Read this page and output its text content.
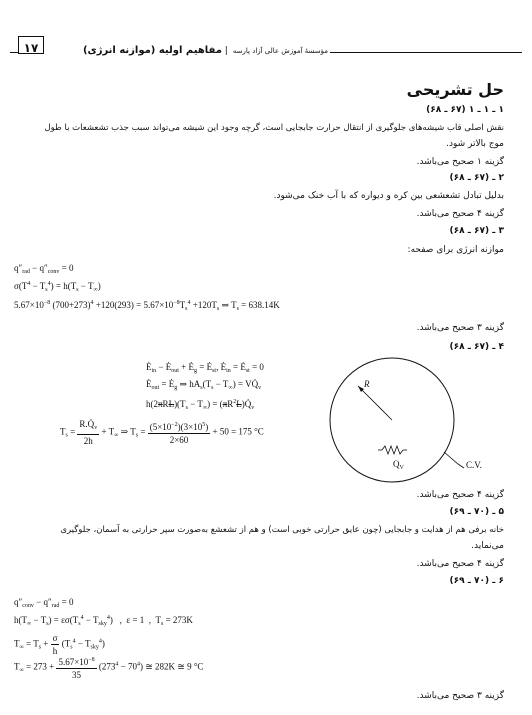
۱۷	مؤسسهٔ آموزش عالی آزاد پارسه | مفاهیم اولیه (موازنه انرژی)
حل تشریحی
۱ ـ ۱ ـ ۱ (۶۷ ـ ۶۸)
نقش اصلی قاب شیشه‌های جلوگیری از انتقال حرارت جابجایی است، گرچه وجود این شیشه می‌تواند سبب جذب تشعشعات با طول
موج بالاتر شود.
گزینه ۱ صحیح می‌باشد.
۲ ـ (۶۷ ـ ۶۸)
بدلیل تبادل تشعشعی بین کره و دیواره که با آب خنک می‌شود.
گزینه ۴ صحیح می‌باشد.
۳ ـ (۶۷ ـ ۶۸)
موازنه انرژی برای صفحه:
$q''_{rad} - q''_{conv} = 0$
$\sigma(T^4 - T_s^4) = h(T_s - T_\infty)$
$5.67\times 10^{-8}$ $(700+273)^4 +120(293) = 5.67\times 10^{-8}T_s^4 +120T_s$ ⇒ $T_s = 638.14K$
گزینه ۳ صحیح می‌باشد.
۴ ـ (۶۷ ـ ۶۸)
$Ė_{in}$ − $Ė_{out}$ + $Ė_g$ = $Ė_{st}$, $Ė_{in}$ = $Ė_{st} = 0$
$Ė_{out}$ = $Ė_g$ ⇒ $hA_s(T_s - T_\infty)$ = $VQ̇_v$
$h(2\pi RL)(T_s - T_\infty)$ = $(\pi R^2L)Q̇_v$
$T_s = \frac{R.Q̇_v}{2h} + T_\infty$ ⇒ $T_s = \frac{(5\times 10^{-2})(3\times 10^5)}{2\times 60} + 50 = 175$ °C
R
$Q_V$	C.V.
گزینه ۴ صحیح می‌باشد.
۵ ـ (۷۰ ـ ۶۹)
خانه برفی هم از هدایت و جابجایی (چون عایق حرارتی خوبی است) و هم از تشعشع به‌صورت سپر حرارتی به آسمان، جلوگیری
می‌نماید.
گزینه ۴ صحیح می‌باشد.
۶ ـ (۷۰ ـ ۶۹)
$q''_{conv} - q''_{rad} = 0$
$h(T_\infty - T_s) = \varepsilon\sigma(T_s^4 - T_{sky}^4)$   ,  ε = 1  ,  $T_s = 273K$
$T_\infty = T_s + \frac{\sigma}{h} (T_s^4 - T_{sky}^4)$
$T_\infty = 273 + \frac{5.67\times 10^{-8}}{35} (273^4 - 70^4)$ ≅ 282K ≅ 9 °C
گزینه ۳ صحیح می‌باشد.
